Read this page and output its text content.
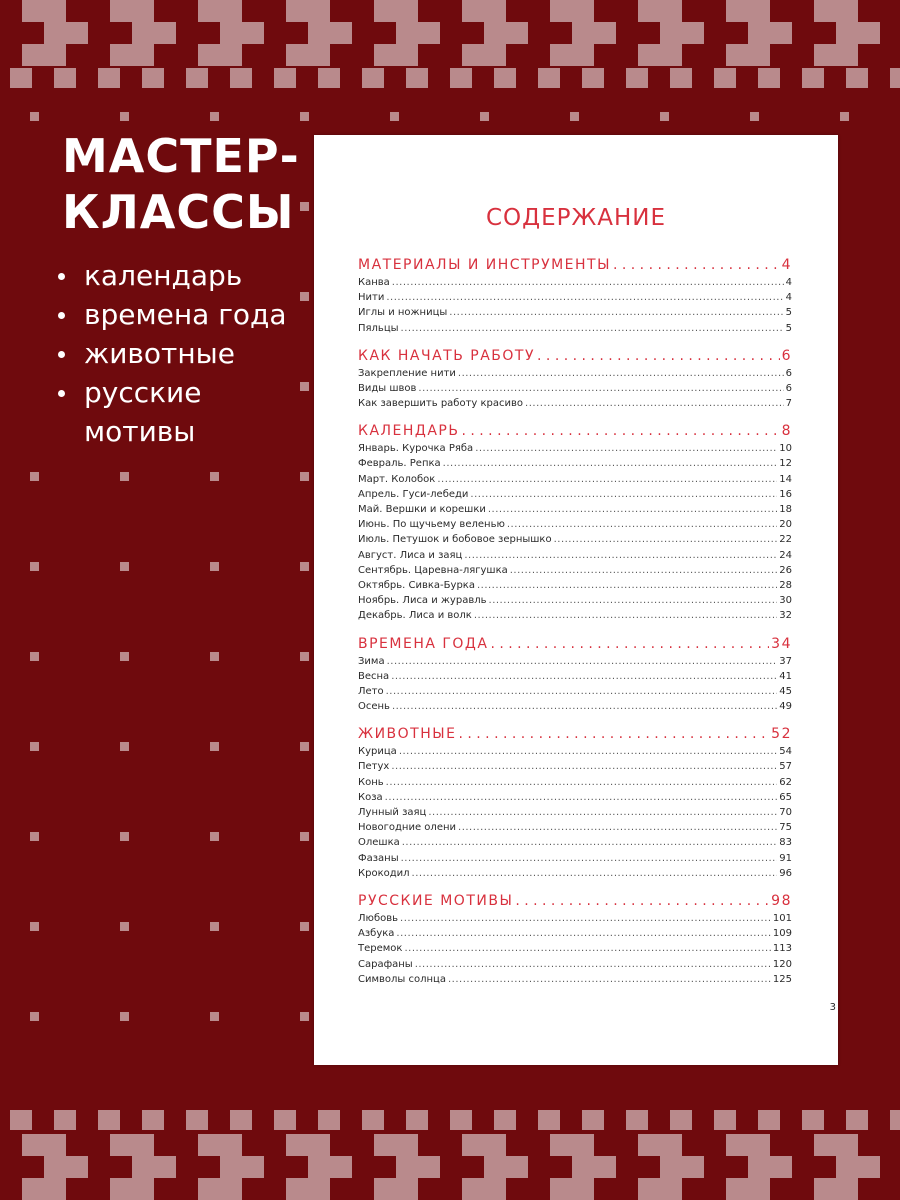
МАСТЕР-
КЛАССЫ
календарь
времена года
животные
русские мотивы
СОДЕРЖАНИЕ
МАТЕРИАЛЫ И ИНСТРУМЕНТЫ . . .	4
Канва .....	4
Нити .....	4
Иглы и ножницы .....	5
Пяльцы .....	5
КАК НАЧАТЬ РАБОТУ . . .	6
Закрепление нити .....	6
Виды швов .....	6
Как завершить работу красиво .....	7
КАЛЕНДАРЬ . . .	8
Январь. Курочка Ряба .....	10
Февраль. Репка .....	12
Март. Колобок .....	14
Апрель. Гуси-лебеди .....	16
Май. Вершки и корешки .....	18
Июнь. По щучьему веленью .....	20
Июль. Петушок и бобовое зернышко .....	22
Август. Лиса и заяц .....	24
Сентябрь. Царевна-лягушка .....	26
Октябрь. Сивка-Бурка .....	28
Ноябрь. Лиса и журавль .....	30
Декабрь. Лиса и волк .....	32
ВРЕМЕНА ГОДА . . .	34
Зима .....	37
Весна .....	41
Лето .....	45
Осень .....	49
ЖИВОТНЫЕ . . .	52
Курица .....	54
Петух .....	57
Конь .....	62
Коза .....	65
Лунный заяц .....	70
Новогодние олени .....	75
Олешка .....	83
Фазаны .....	91
Крокодил .....	96
РУССКИЕ МОТИВЫ . . .	98
Любовь .....	101
Азбука .....	109
Теремок .....	113
Сарафаны .....	120
Символы солнца .....	125

3
